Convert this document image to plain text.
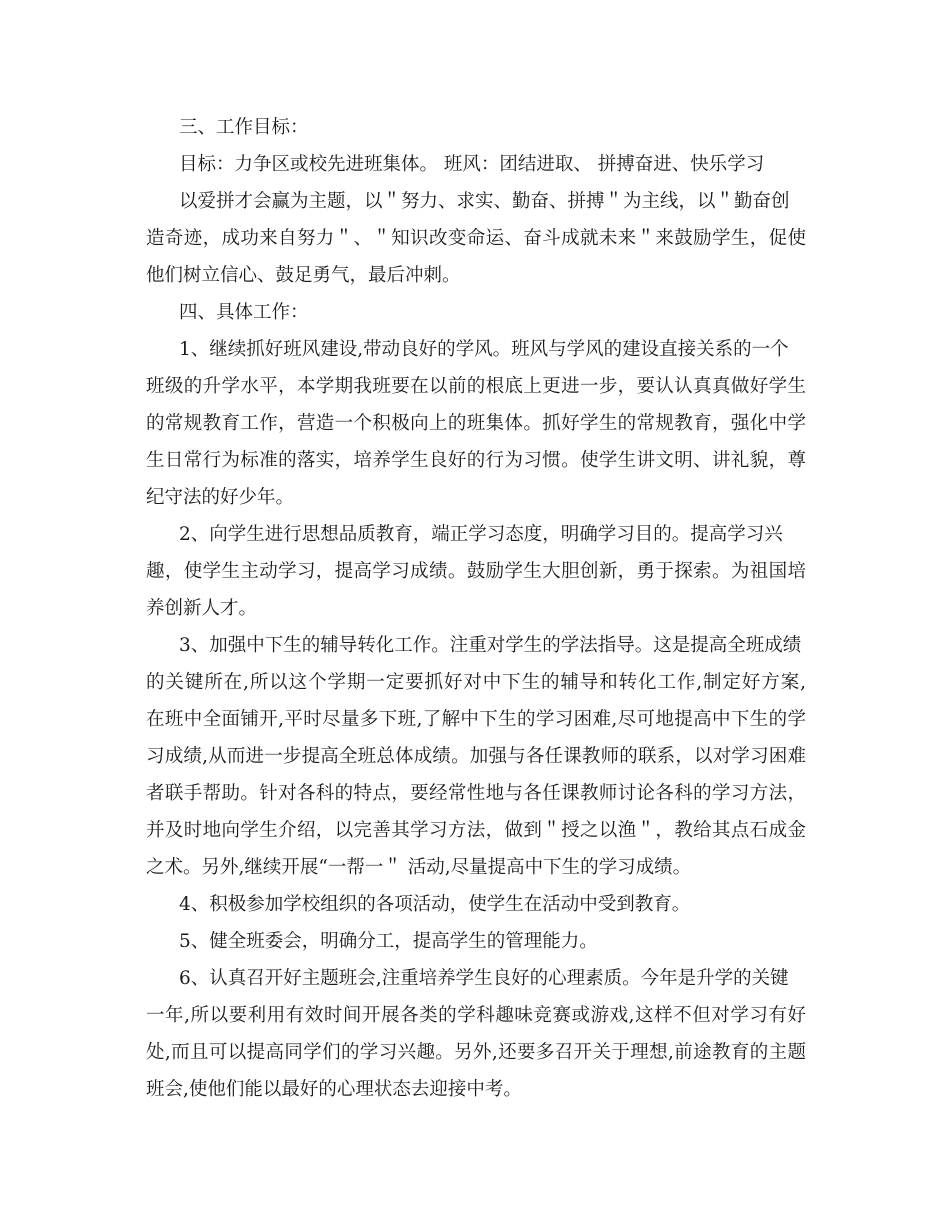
三、工作目标：
目标：力争区或校先进班集体。 班风：团结进取、 拼搏奋进、快乐学习
以爱拼才会赢为主题，以＂努力、求实、勤奋、拼搏＂为主线，以＂勤奋创
造奇迹，成功来自努力＂、＂知识改变命运、奋斗成就未来＂来鼓励学生，促使
他们树立信心、鼓足勇气，最后冲刺。
四、具体工作：
1、继续抓好班风建设,带动良好的学风。班风与学风的建设直接关系的一个
班级的升学水平，本学期我班要在以前的根底上更进一步，要认认真真做好学生
的常规教育工作，营造一个积极向上的班集体。抓好学生的常规教育，强化中学
生日常行为标准的落实，培养学生良好的行为习惯。使学生讲文明、讲礼貌，尊
纪守法的好少年。
2、向学生进行思想品质教育，端正学习态度，明确学习目的。提高学习兴
趣，使学生主动学习，提高学习成绩。鼓励学生大胆创新，勇于探索。为祖国培
养创新人才。
3、加强中下生的辅导转化工作。注重对学生的学法指导。这是提高全班成绩
的关键所在,所以这个学期一定要抓好对中下生的辅导和转化工作,制定好方案,
在班中全面铺开,平时尽量多下班,了解中下生的学习困难,尽可地提高中下生的学
习成绩,从而进一步提高全班总体成绩。加强与各任课教师的联系，以对学习困难
者联手帮助。针对各科的特点，要经常性地与各任课教师讨论各科的学习方法，
并及时地向学生介绍，以完善其学习方法，做到＂授之以渔＂，教给其点石成金
之术。另外,继续开展“一帮一＂ 活动,尽量提高中下生的学习成绩。
4、积极参加学校组织的各项活动，使学生在活动中受到教育。
5、健全班委会，明确分工，提高学生的管理能力。
6、认真召开好主题班会,注重培养学生良好的心理素质。今年是升学的关键
一年,所以要利用有效时间开展各类的学科趣味竞赛或游戏,这样不但对学习有好
处,而且可以提高同学们的学习兴趣。另外,还要多召开关于理想,前途教育的主题
班会,使他们能以最好的心理状态去迎接中考。
